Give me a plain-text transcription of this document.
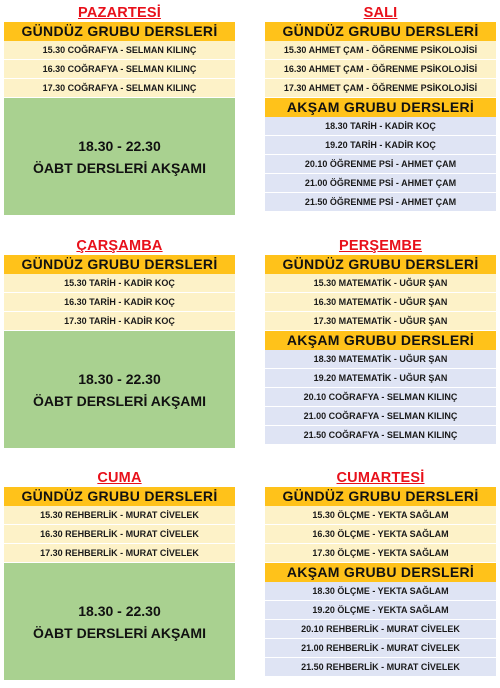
PAZARTESİ
GÜNDÜZ GRUBU DERSLERİ
15.30 COĞRAFYA - SELMAN KILINÇ
16.30 COĞRAFYA - SELMAN KILINÇ
17.30 COĞRAFYA - SELMAN KILINÇ
18.30 - 22.30
ÖABT DERSLERİ AKŞAMI
SALI
GÜNDÜZ GRUBU DERSLERİ
15.30 AHMET ÇAM - ÖĞRENME PSİKOLOJİSİ
16.30 AHMET ÇAM - ÖĞRENME PSİKOLOJİSİ
17.30 AHMET ÇAM - ÖĞRENME PSİKOLOJİSİ
AKŞAM GRUBU DERSLERİ
18.30 TARİH - KADİR KOÇ
19.20 TARİH - KADİR KOÇ
20.10 ÖĞRENME PSİ - AHMET ÇAM
21.00 ÖĞRENME PSİ - AHMET ÇAM
21.50 ÖĞRENME PSİ - AHMET ÇAM
ÇARŞAMBA
GÜNDÜZ GRUBU DERSLERİ
15.30 TARİH - KADİR KOÇ
16.30 TARİH - KADİR KOÇ
17.30 TARİH - KADİR KOÇ
18.30 - 22.30
ÖABT DERSLERİ AKŞAMI
PERŞEMBE
GÜNDÜZ GRUBU DERSLERİ
15.30 MATEMATİK - UĞUR ŞAN
16.30 MATEMATİK - UĞUR ŞAN
17.30 MATEMATİK - UĞUR ŞAN
AKŞAM GRUBU DERSLERİ
18.30 MATEMATİK - UĞUR ŞAN
19.20 MATEMATİK - UĞUR ŞAN
20.10 COĞRAFYA - SELMAN KILINÇ
21.00 COĞRAFYA - SELMAN KILINÇ
21.50 COĞRAFYA - SELMAN KILINÇ
CUMA
GÜNDÜZ GRUBU DERSLERİ
15.30 REHBERLİK - MURAT CİVELEK
16.30 REHBERLİK - MURAT CİVELEK
17.30 REHBERLİK - MURAT CİVELEK
18.30 - 22.30
ÖABT DERSLERİ AKŞAMI
CUMARTESİ
GÜNDÜZ GRUBU DERSLERİ
15.30 ÖLÇME - YEKTA SAĞLAM
16.30 ÖLÇME - YEKTA SAĞLAM
17.30 ÖLÇME - YEKTA SAĞLAM
AKŞAM GRUBU DERSLERİ
18.30 ÖLÇME - YEKTA SAĞLAM
19.20 ÖLÇME - YEKTA SAĞLAM
20.10 REHBERLİK - MURAT CİVELEK
21.00 REHBERLİK - MURAT CİVELEK
21.50 REHBERLİK - MURAT CİVELEK
